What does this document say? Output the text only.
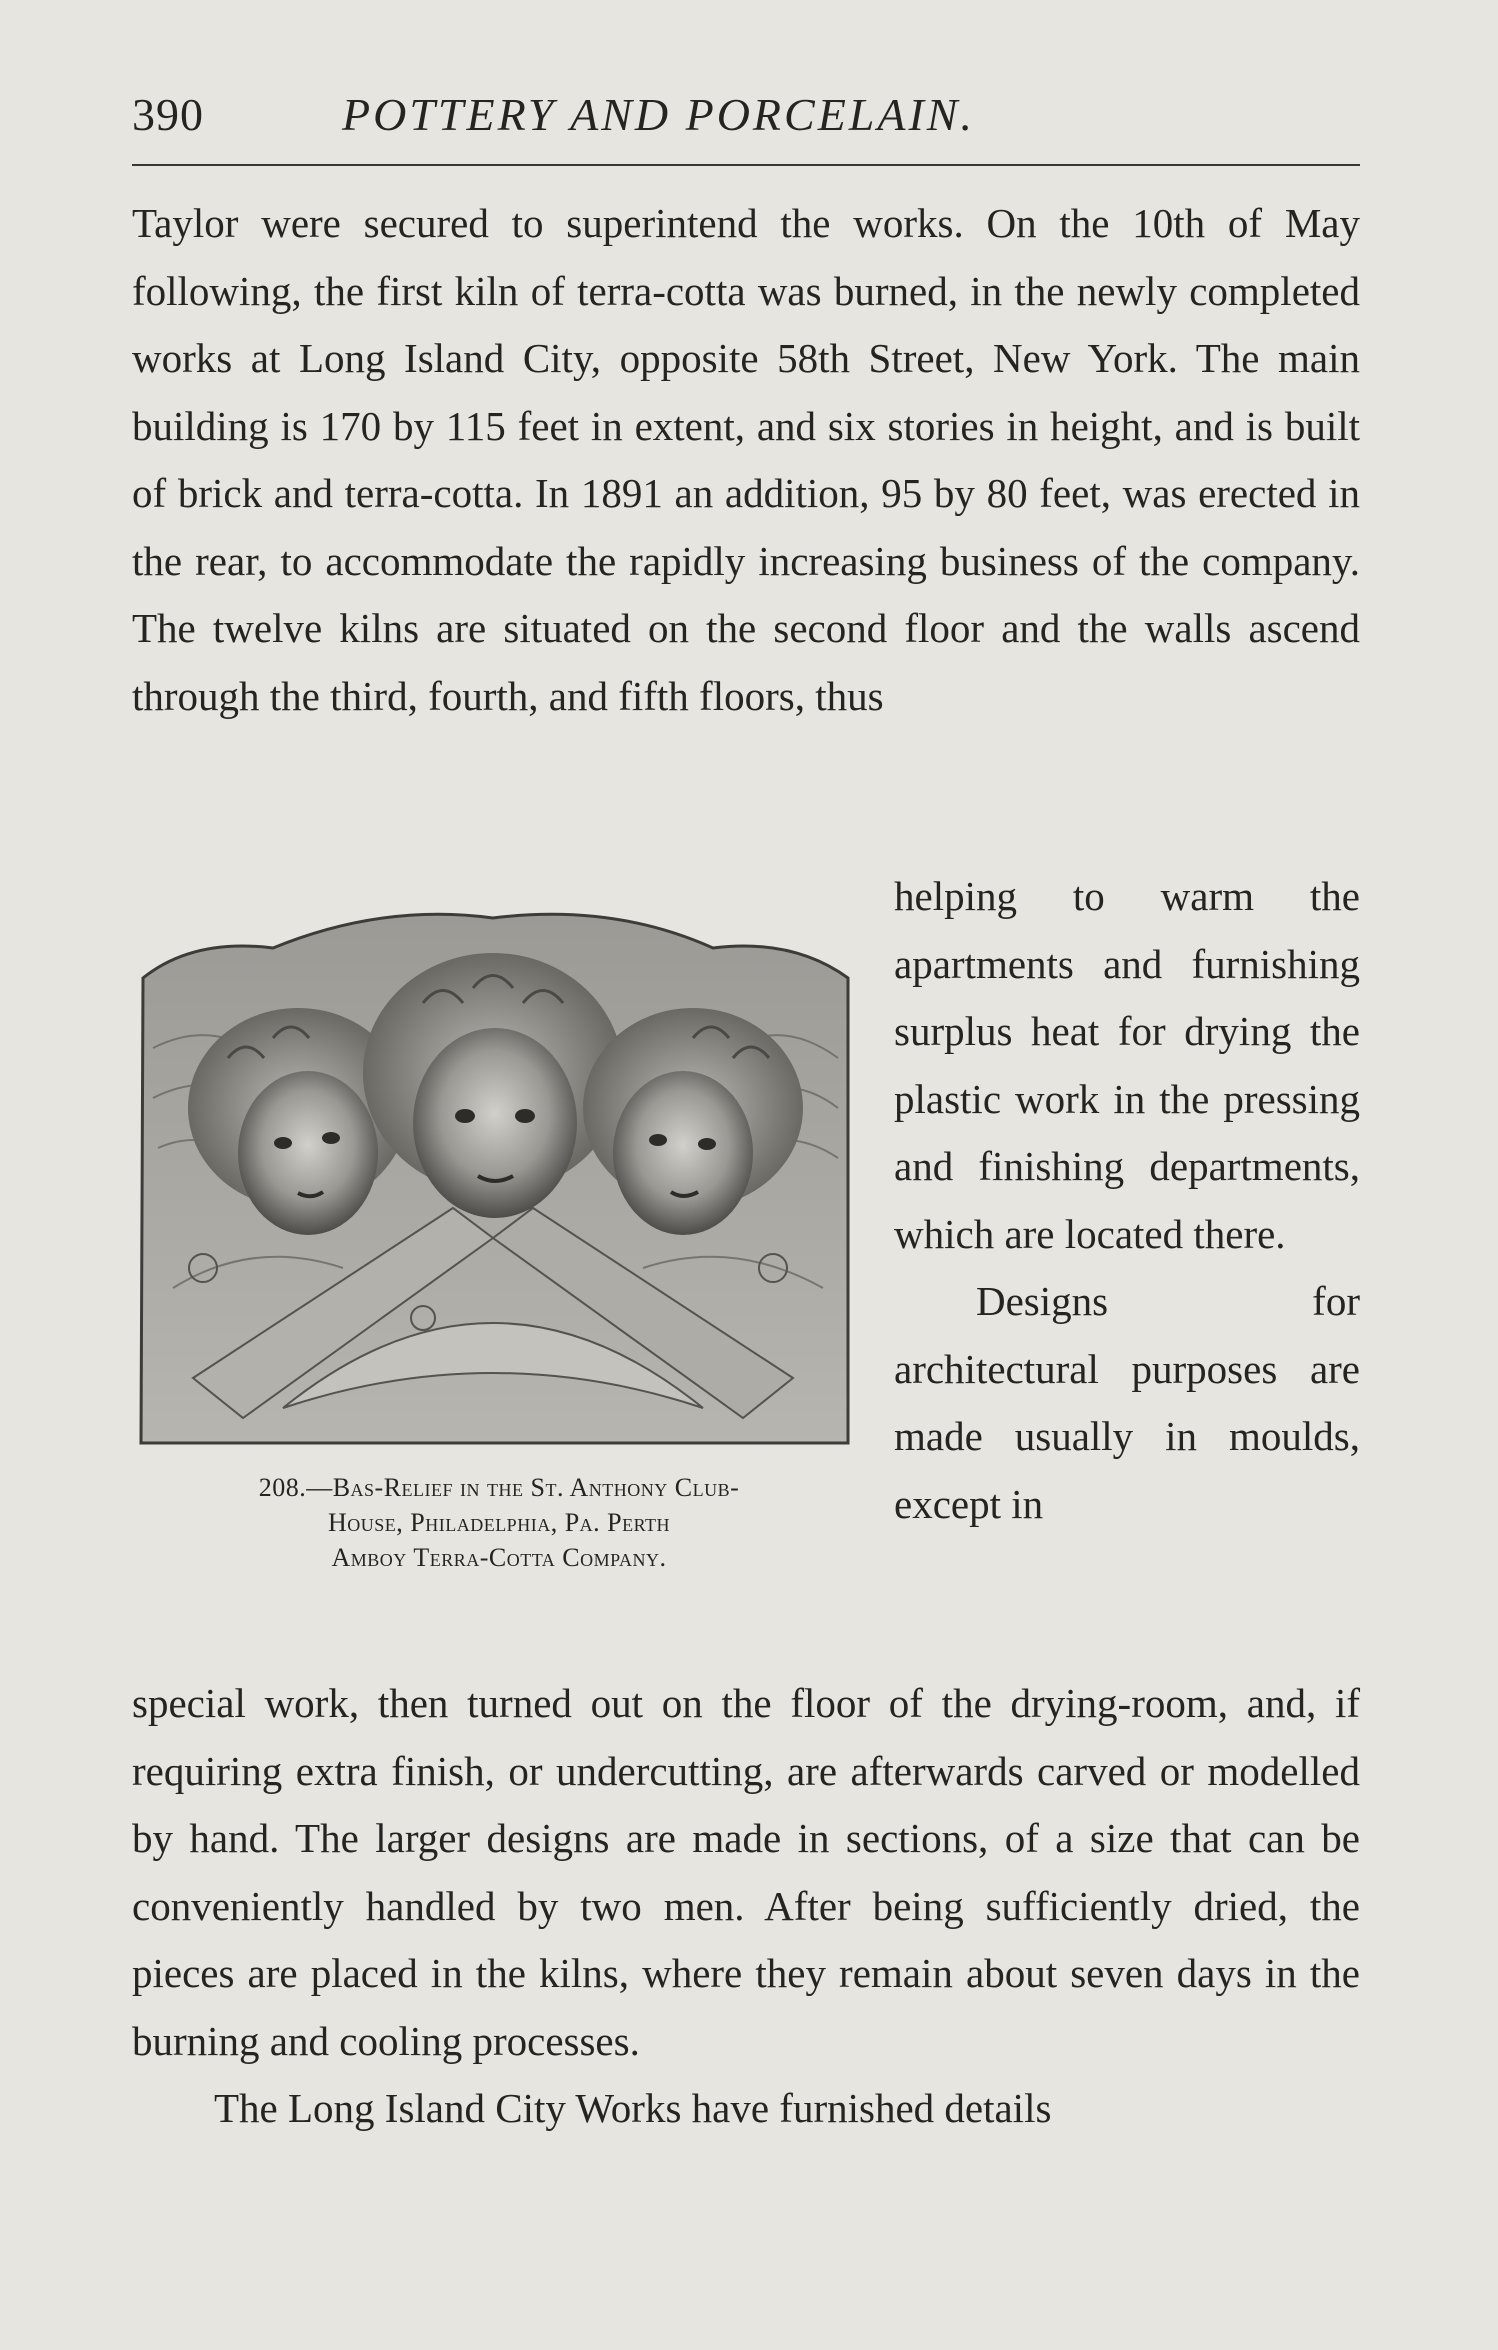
390	POTTERY AND PORCELAIN.

Taylor were secured to superintend the works. On the 10th of May following, the first kiln of terra-cotta was burned, in the newly completed works at Long Island City, opposite 58th Street, New York. The main building is 170 by 115 feet in extent, and six stories in height, and is built of brick and terra-cotta. In 1891 an addition, 95 by 80 feet, was erected in the rear, to accommodate the rapidly increasing business of the company. The twelve kilns are situated on the second floor and the walls ascend through the third, fourth, and fifth floors, thus

208.—Bas-Relief in the St. Anthony Club-
House, Philadelphia, Pa. Perth
Amboy Terra-Cotta Company.

helping to warm the apartments and furnishing surplus heat for drying the plastic work in the pressing and finishing departments, which are located there.

Designs for architectural purposes are made usually in moulds, except in

special work, then turned out on the floor of the drying-room, and, if requiring extra finish, or undercutting, are afterwards carved or modelled by hand. The larger designs are made in sections, of a size that can be conveniently handled by two men. After being sufficiently dried, the pieces are placed in the kilns, where they remain about seven days in the burning and cooling processes.

The Long Island City Works have furnished details
